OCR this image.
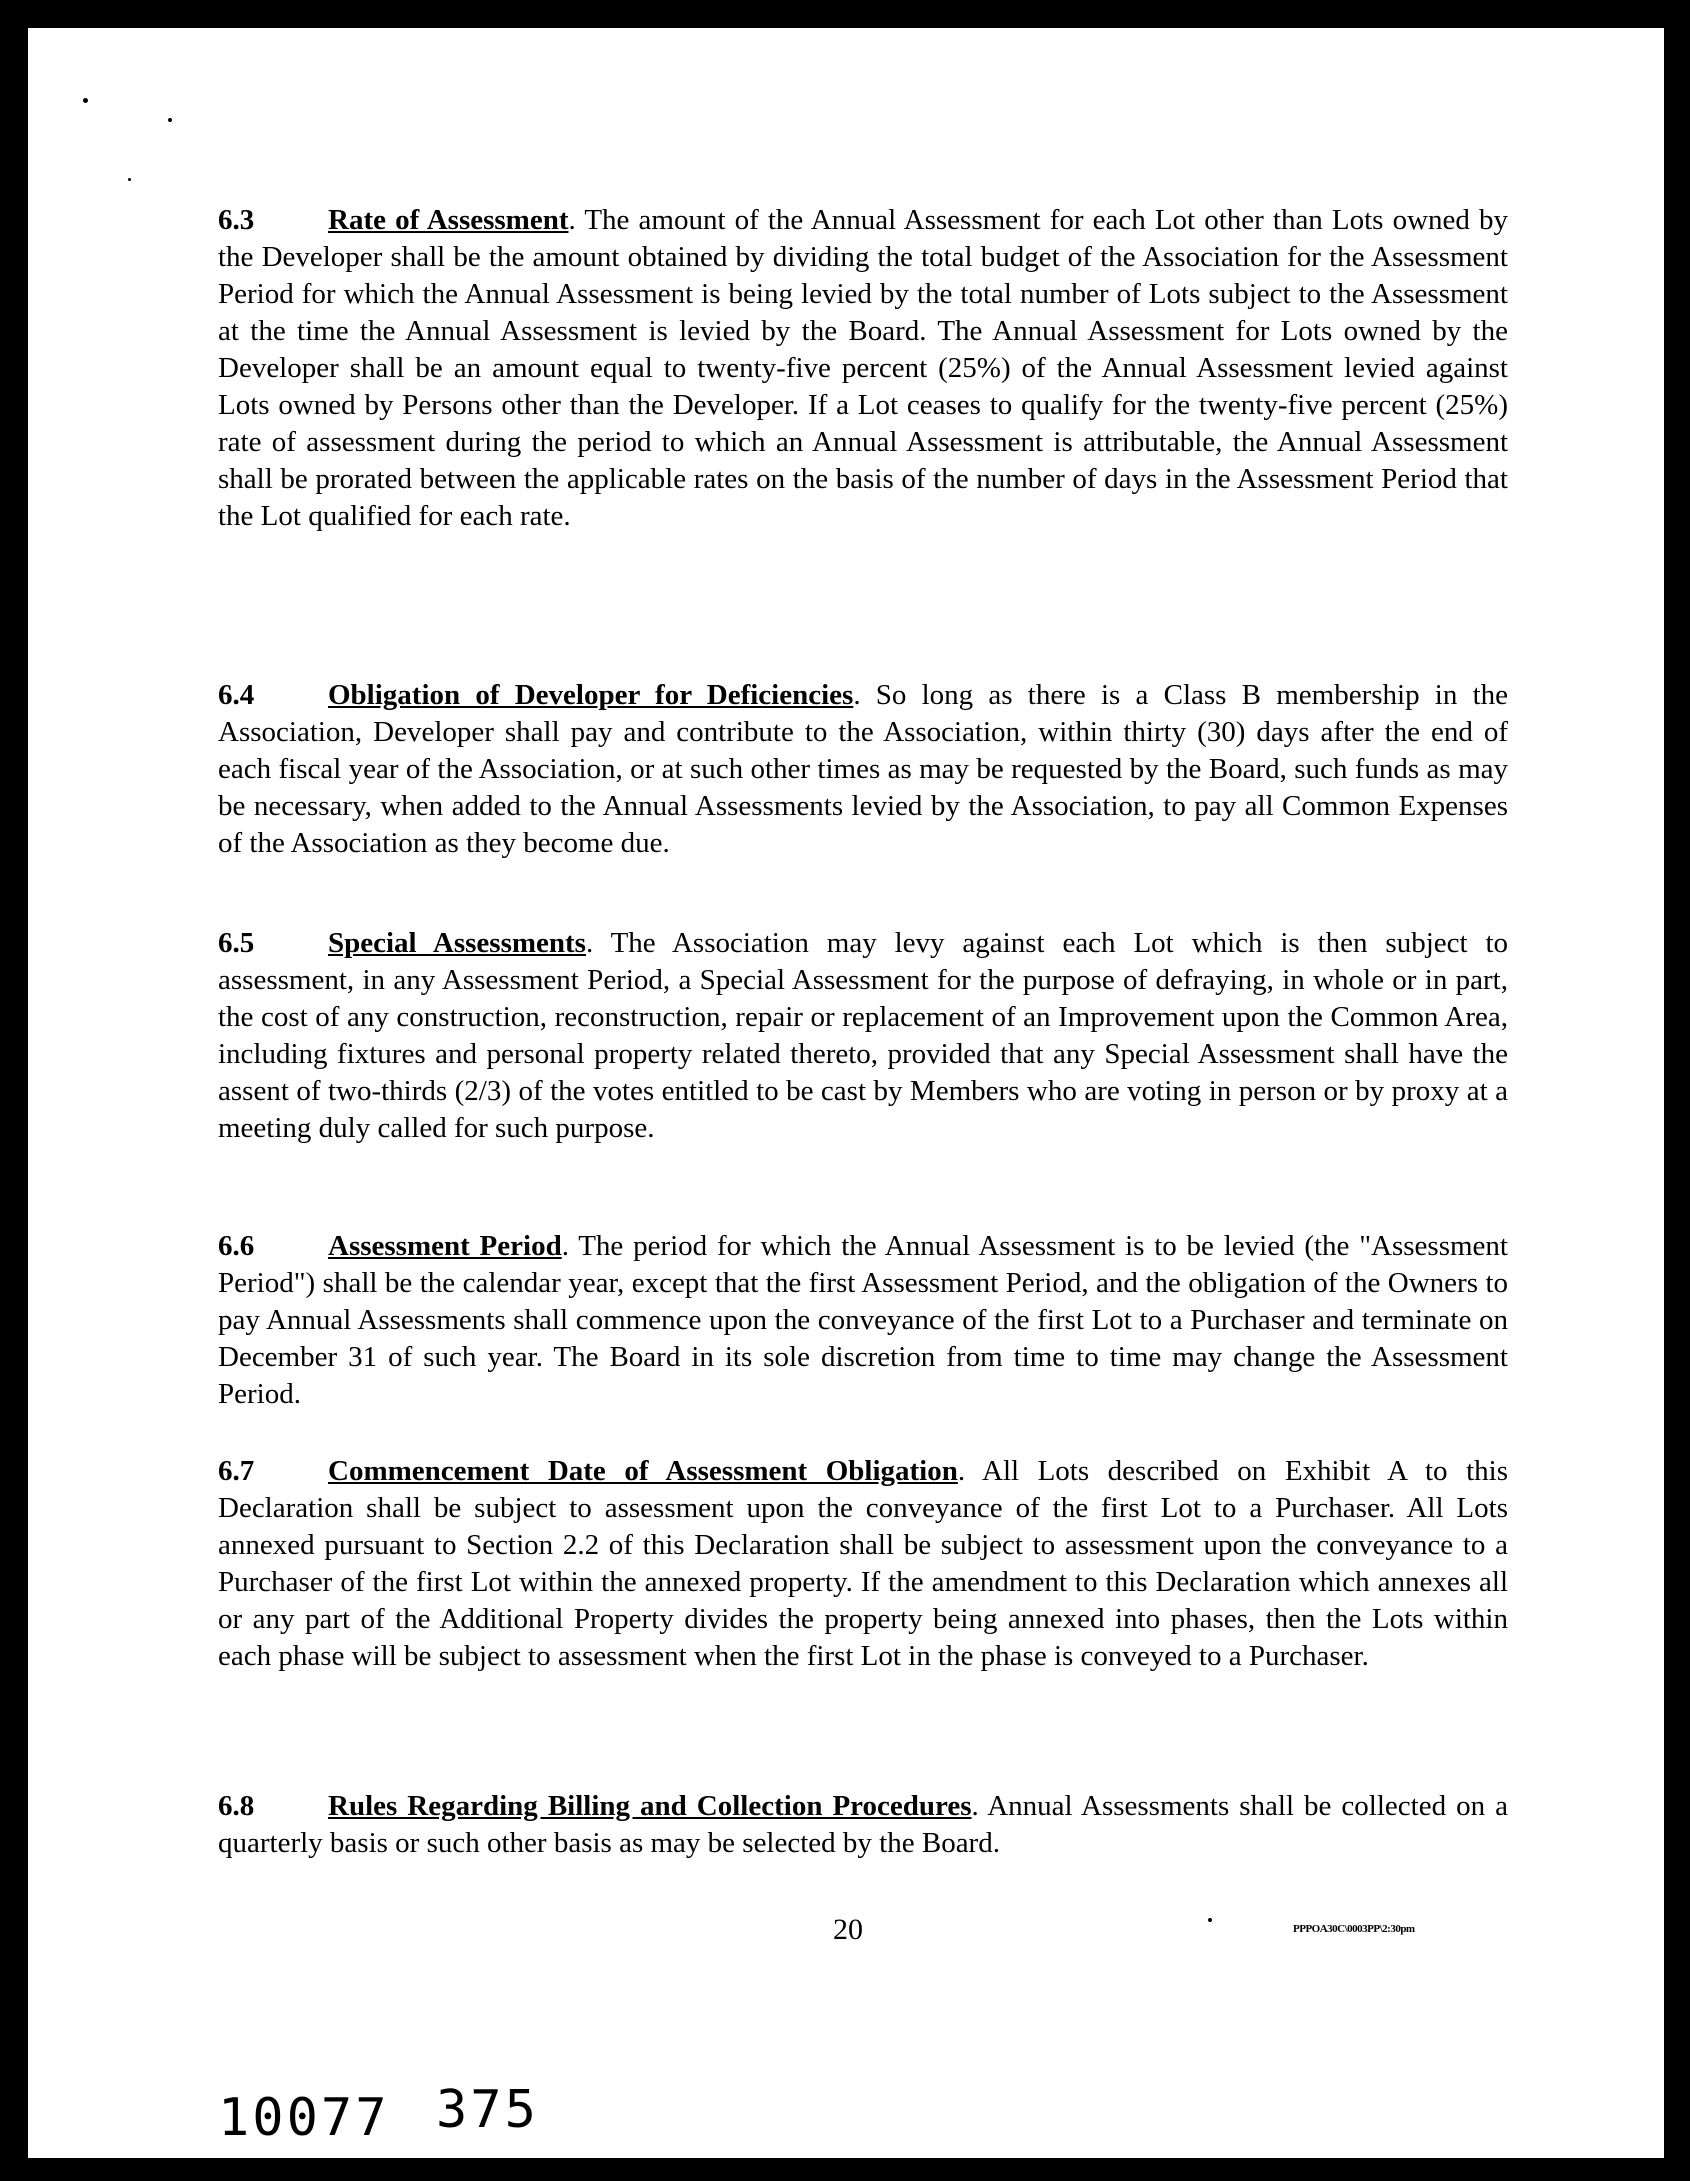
6.3	Rate of Assessment. The amount of the Annual Assessment for each Lot other than Lots owned by the Developer shall be the amount obtained by dividing the total budget of the Association for the Assessment Period for which the Annual Assessment is being levied by the total number of Lots subject to the Assessment at the time the Annual Assessment is levied by the Board. The Annual Assessment for Lots owned by the Developer shall be an amount equal to twenty-five percent (25%) of the Annual Assessment levied against Lots owned by Persons other than the Developer. If a Lot ceases to qualify for the twenty-five percent (25%) rate of assessment during the period to which an Annual Assessment is attributable, the Annual Assessment shall be prorated between the applicable rates on the basis of the number of days in the Assessment Period that the Lot qualified for each rate.
6.4	Obligation of Developer for Deficiencies. So long as there is a Class B membership in the Association, Developer shall pay and contribute to the Association, within thirty (30) days after the end of each fiscal year of the Association, or at such other times as may be requested by the Board, such funds as may be necessary, when added to the Annual Assessments levied by the Association, to pay all Common Expenses of the Association as they become due.
6.5	Special Assessments. The Association may levy against each Lot which is then subject to assessment, in any Assessment Period, a Special Assessment for the purpose of defraying, in whole or in part, the cost of any construction, reconstruction, repair or replacement of an Improvement upon the Common Area, including fixtures and personal property related thereto, provided that any Special Assessment shall have the assent of two-thirds (2/3) of the votes entitled to be cast by Members who are voting in person or by proxy at a meeting duly called for such purpose.
6.6	Assessment Period. The period for which the Annual Assessment is to be levied (the "Assessment Period") shall be the calendar year, except that the first Assessment Period, and the obligation of the Owners to pay Annual Assessments shall commence upon the conveyance of the first Lot to a Purchaser and terminate on December 31 of such year. The Board in its sole discretion from time to time may change the Assessment Period.
6.7	Commencement Date of Assessment Obligation. All Lots described on Exhibit A to this Declaration shall be subject to assessment upon the conveyance of the first Lot to a Purchaser. All Lots annexed pursuant to Section 2.2 of this Declaration shall be subject to assessment upon the conveyance to a Purchaser of the first Lot within the annexed property. If the amendment to this Declaration which annexes all or any part of the Additional Property divides the property being annexed into phases, then the Lots within each phase will be subject to assessment when the first Lot in the phase is conveyed to a Purchaser.
6.8	Rules Regarding Billing and Collection Procedures. Annual Assessments shall be collected on a quarterly basis or such other basis as may be selected by the Board.
20	PPPOA30C\0003PP\2:30pm
10077 375
